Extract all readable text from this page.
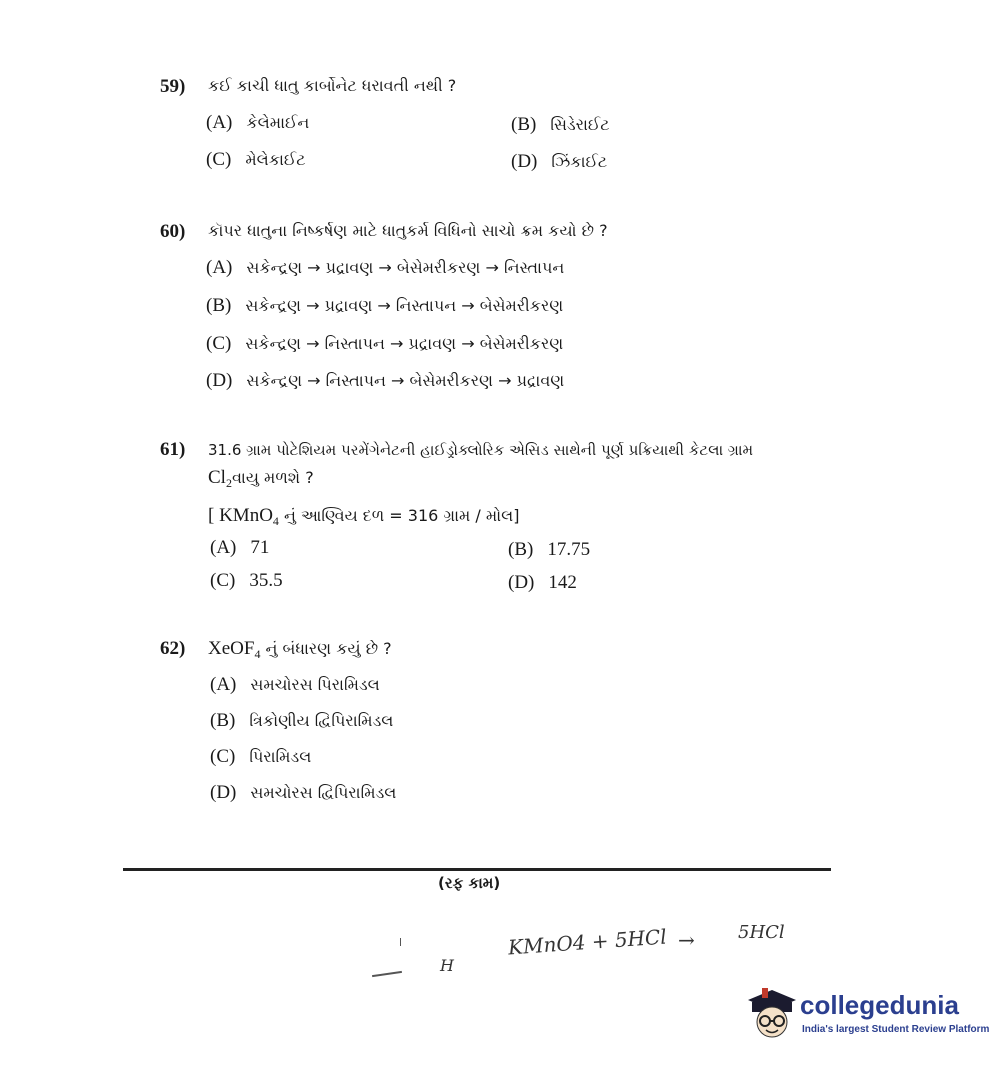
59) કઈ કાચી ધાતુ કાર્બોનેટ ધરાવતી નથી ?
(A) કેલેમાઈન	(B) સિડેરાઈટ
(C) મેલેકાઈટ	(D) ઝિંકાઈટ
60) કૉપર ધાતુના નિષ્કર્ષણ માટે ધાતુકર્મ વિધિનો સાચો ક્રમ કયો છે ?
(A) સકેન્દ્રણ → પ્રદ્રાવણ → બેસેમરીકરણ → નિસ્તાપન
(B) સકેન્દ્રણ → પ્રદ્રાવણ → નિસ્તાપન → બેસેમરીકરણ
(C) સકેન્દ્રણ → નિસ્તાપન → પ્રદ્રાવણ → બેસેમરીકરણ
(D) સકેન્દ્રણ → નિસ્તાપન → બેસેમરીકરણ → પ્રદ્રાવણ
61) 31.6 ગ્રામ પોટેશિયમ પરમેંગેનેટની હાઈડ્રોક્લોરિક એસિડ સાથેની પૂર્ણ પ્રક્રિયાથી કેટલા ગ્રામ
$Cl_2વાયુ$ મળશે ?
[ KMnO$_4$ નું આણ્વિય દળ = 316 ગ્રામ / મોલ]
(A) 71	(B) 17.75
(C) 35.5	(D) 142
62) XeOF$_4$ નું બંધારણ કયું છે ?
(A) સમચોરસ પિરામિડલ
(B) ત્રિકોણીય દ્વિપિરામિડલ
(C) પિરામિડલ
(D) સમચોરસ દ્વિપિરામિડલ
(રફ કામ)
KMnO4 + 5HCl → 5HCl
H
collegedunia
India's largest Student Review Platform
